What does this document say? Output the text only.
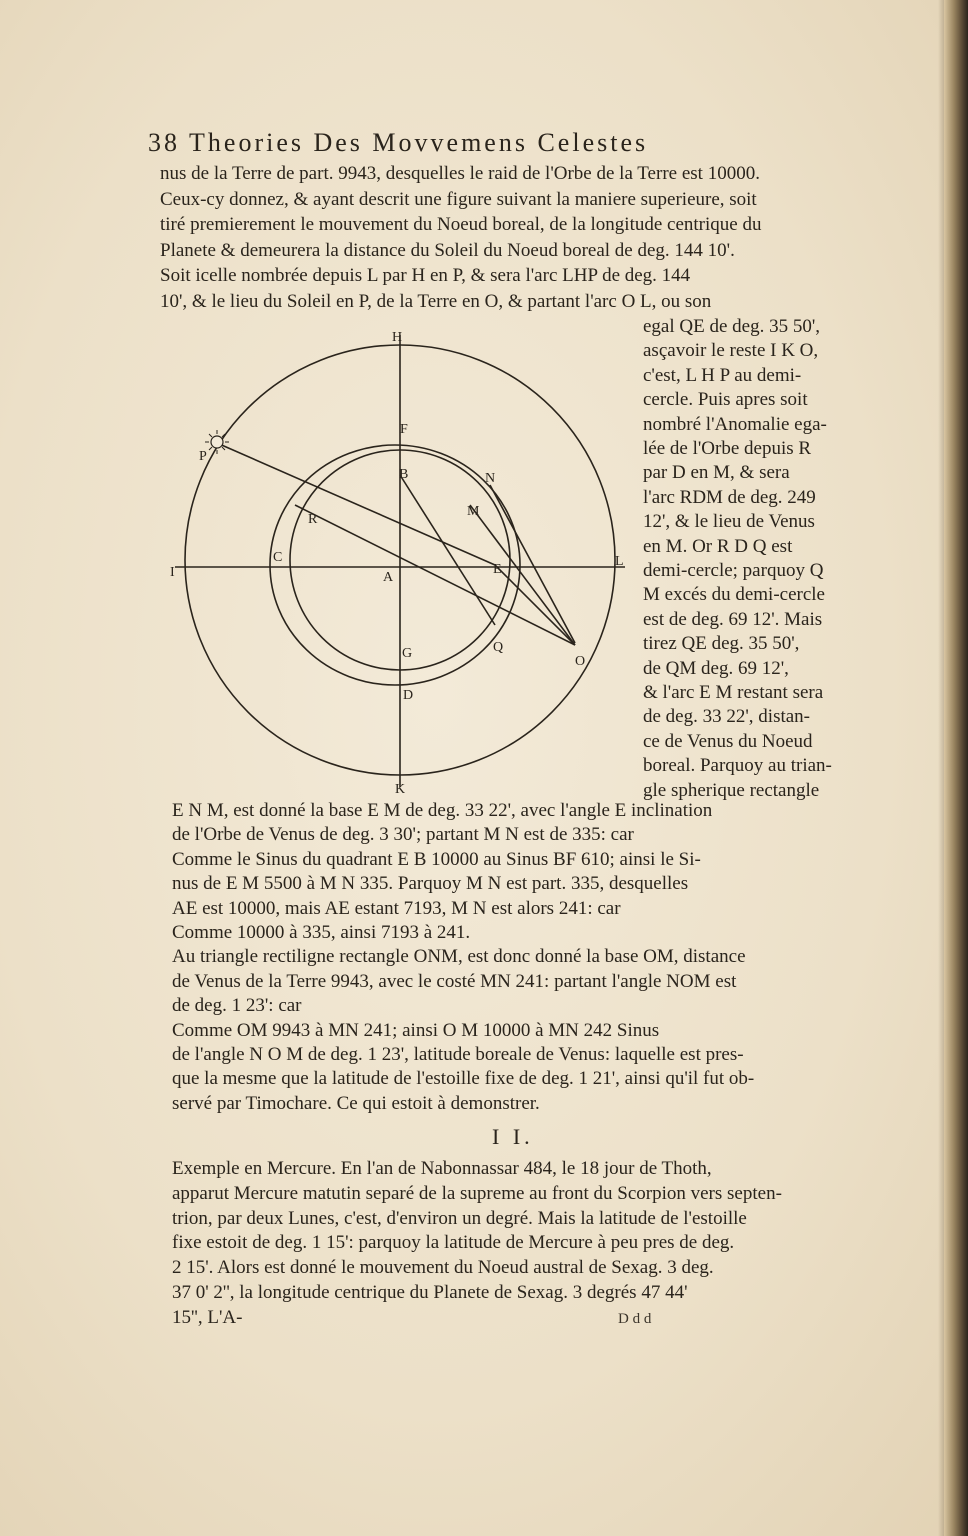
38 Theories Des Movvemens Celestes
nus de la Terre de part. 9943, desquelles le raid de l'Orbe de la Terre est 10000.
Ceux-cy donnez, & ayant descrit une figure suivant la maniere superieure, soit
tiré premierement le mouvement du Noeud boreal, de la longitude centrique du
Planete & demeurera la distance du Soleil du Noeud boreal de deg. 144 10'.
Soit icelle nombrée depuis L par H en P, & sera l'arc LHP de deg. 144
10', & le lieu du Soleil en P, de la Terre en O, & partant l'arc O L, ou son
egal QE de deg. 35 50',
asçavoir le reste I K O,
c'est, L H P au demi-
cercle. Puis apres soit
nombré l'Anomalie ega-
lée de l'Orbe depuis R
par D en M, & sera
l'arc RDM de deg. 249
12', & le lieu de Venus
en M. Or R D Q est
demi-cercle; parquoy Q
M excés du demi-cercle
est de deg. 69 12'. Mais
tirez QE deg. 35 50',
de QM deg. 69 12',
& l'arc E M restant sera
de deg. 33 22', distan-
ce de Venus du Noeud
boreal. Parquoy au trian-
gle spherique rectangle
E N M, est donné la base E M de deg. 33 22', avec l'angle E inclination
de l'Orbe de Venus de deg. 3 30'; partant M N est de 335: car
Comme le Sinus du quadrant E B 10000 au Sinus BF 610; ainsi le Si-
nus de E M 5500 à M N 335. Parquoy M N est part. 335, desquelles
AE est 10000, mais AE estant 7193, M N est alors 241: car
Comme 10000 à 335, ainsi 7193 à 241.
Au triangle rectiligne rectangle ONM, est donc donné la base OM, distance
de Venus de la Terre 9943, avec le costé MN 241: partant l'angle NOM est
de deg. 1 23': car
Comme OM 9943 à MN 241; ainsi O M 10000 à MN 242 Sinus
de l'angle N O M de deg. 1 23', latitude boreale de Venus: laquelle est pres-
que la mesme que la latitude de l'estoille fixe de deg. 1 21', ainsi qu'il fut ob-
servé par Timochare. Ce qui estoit à demonstrer.
I I.
Exemple en Mercure. En l'an de Nabonnassar 484, le 18 jour de Thoth,
apparut Mercure matutin separé de la supreme au front du Scorpion vers septen-
trion, par deux Lunes, c'est, d'environ un degré. Mais la latitude de l'estoille
fixe estoit de deg. 1 15': parquoy la latitude de Mercure à peu pres de deg.
2 15'. Alors est donné le mouvement du Noeud austral de Sexag. 3 deg.
37 0' 2'', la longitude centrique du Planete de Sexag. 3 degrés 47 44'
15'', L'A-	D d d
H
F
B
P
N
M
R
C
I	A
E
L
G	Q
D
O
K
